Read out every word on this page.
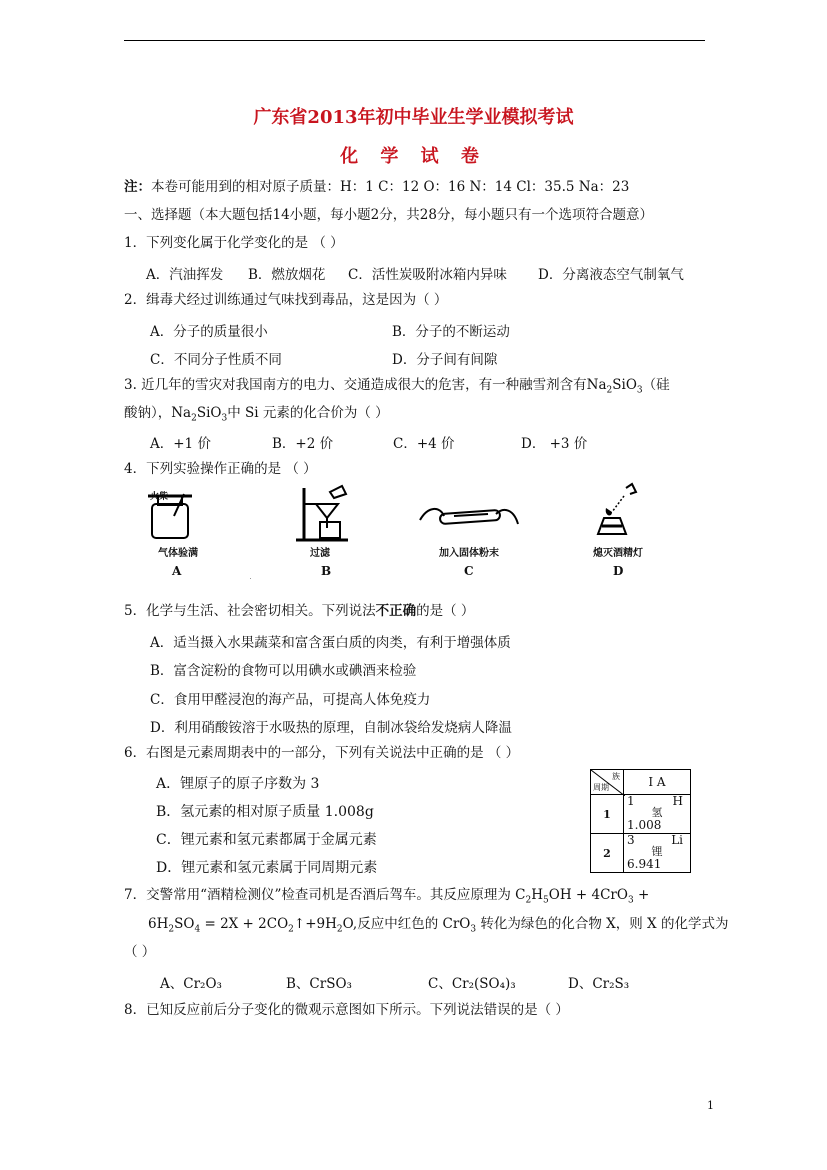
广东省2013年初中毕业生学业模拟考试
化 学 试 卷
注：本卷可能用到的相对原子质量：H：1 C：12 O：16 N：14 Cl：35.5 Na：23
一、选择题（本大题包括14小题，每小题2分，共28分，每小题只有一个选项符合题意）
1．下列变化属于化学变化的是 （ ）
A．汽油挥发 B．燃放烟花 C．活性炭吸附冰箱内异味 D．分离液态空气制氧气
2．缉毒犬经过训练通过气味找到毒品，这是因为（ ）
A．分子的质量很小	B．分子的不断运动
C．不同分子性质不同	D．分子间有间隙
3. 近几年的雪灾对我国南方的电力、交通造成很大的危害，有一种融雪剂含有$Na_2SiO_3$（硅
酸钠），$Na_2SiO_3$中 Si 元素的化合价为（ ）
A．+1 价	B．+2 价	C．+4 价	D． +3 价
4．下列实验操作正确的是 （ ）
火柴
气体验满
A
过滤
B
加入固体粉末
C
熄灭酒精灯
D
5．化学与生活、社会密切相关。下列说法不正确的是（ ）
A．适当摄入水果蔬菜和富含蛋白质的肉类，有利于增强体质
B．富含淀粉的食物可以用碘水或碘酒来检验
C．食用甲醛浸泡的海产品，可提高人体免疫力
D．利用硝酸铵溶于水吸热的原理，自制冰袋给发烧病人降温
6．右图是元素周期表中的一部分，下列有关说法中正确的是 （ ）
A．锂原子的原子序数为 3
B．氢元素的相对原子质量 1.008g
C．锂元素和氢元素都属于金属元素
D．锂元素和氢元素属于同周期元素
族
周期	I A
1	1 H
氢
1.008

2	3 Li
锂
6.941
7．交警常用“酒精检测仪”检查司机是否酒后驾车。其反应原理为 $C_2H_5OH + 4CrO_3$ +
$6H_2SO_4 = 2X$ + $2CO_2↑+9H_2O$,反应中红色的 CrO$_3$ 转化为绿色的化合物 X，则 X 的化学式为
（ ）
A、Cr₂O₃	B、CrSO₃	C、Cr₂(SO₄)₃	D、Cr₂S₃
8．已知反应前后分子变化的微观示意图如下所示。下列说法错误的是（ ）
1
